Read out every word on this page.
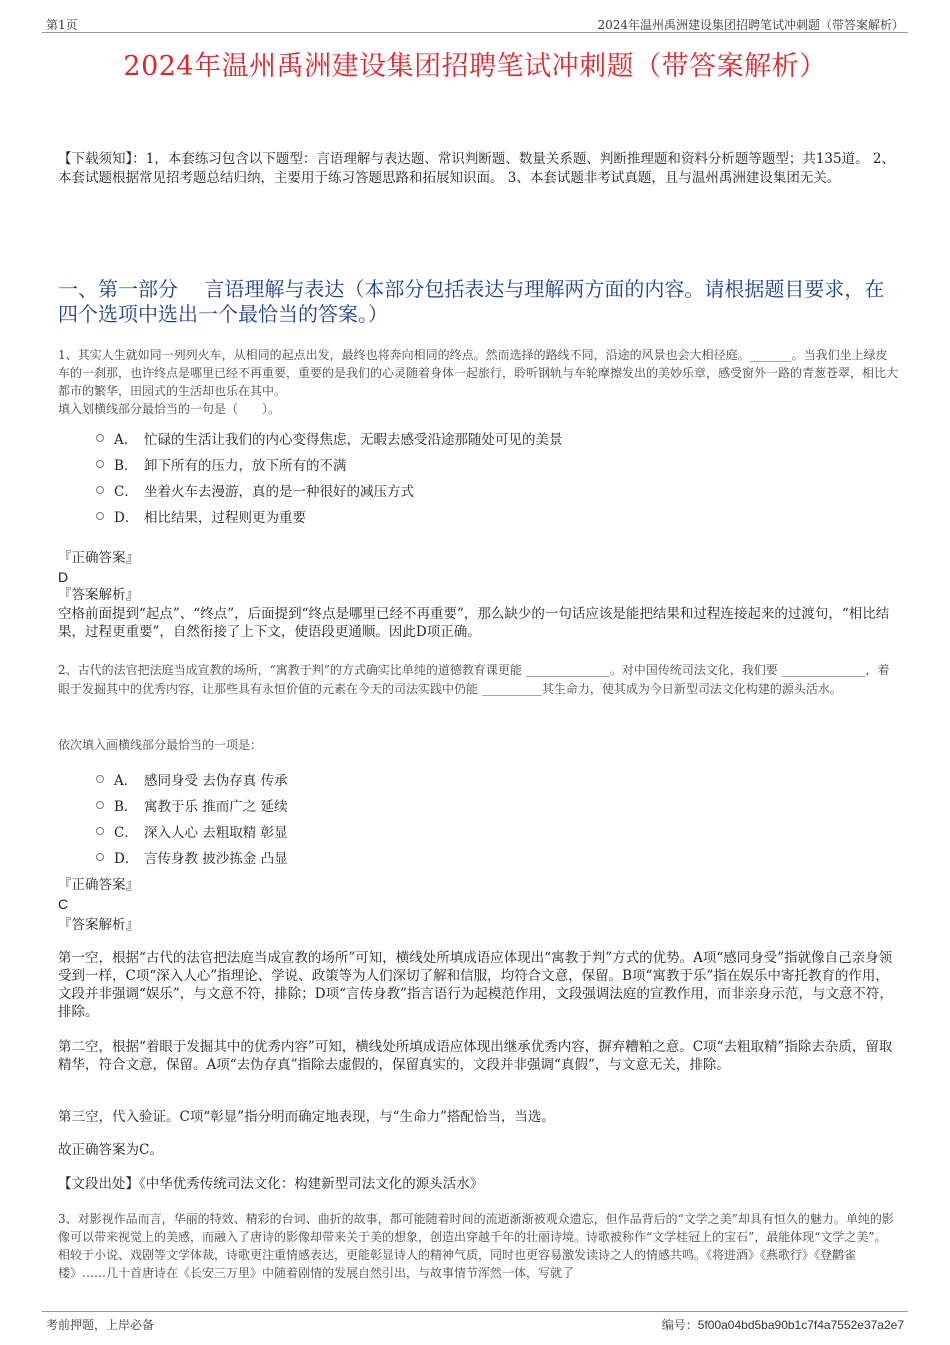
第1页	2024年温州禹洲建设集团招聘笔试冲刺题（带答案解析）
2024年温州禹洲建设集团招聘笔试冲刺题（带答案解析）
【下载须知】：1，本套练习包含以下题型：言语理解与表达题、常识判断题、数量关系题、判断推理题和资料分析题等题型；共135道。 2、本套试题根据常见招考题总结归纳，主要用于练习答题思路和拓展知识面。 3、本套试题非考试真题，且与温州禹洲建设集团无关。
一、第一部分　 言语理解与表达（本部分包括表达与理解两方面的内容。请根据题目要求，在四个选项中选出一个最恰当的答案。）

1、其实人生就如同一列列火车，从相同的起点出发，最终也将奔向相同的终点。然而选择的路线不同，沿途的风景也会大相径庭。_______。当我们坐上绿皮车的一刹那，也许终点是哪里已经不再重要，重要的是我们的心灵随着身体一起旅行，聆听钢轨与车轮摩擦发出的美妙乐章，感受窗外一路的青葱苍翠，相比大都市的繁华，田园式的生活却也乐在其中。

填入划横线部分最恰当的一句是（　　）。

A． 忙碌的生活让我们的内心变得焦虑，无暇去感受沿途那随处可见的美景
B． 卸下所有的压力，放下所有的不满
C． 坐着火车去漫游，真的是一种很好的减压方式
D． 相比结果，过程则更为重要
『正确答案』
D
『答案解析』
空格前面提到“起点”、“终点”，后面提到“终点是哪里已经不再重要”，那么缺少的一句话应该是能把结果和过程连接起来的过渡句，“相比结果，过程更重要”，自然衔接了上下文，使语段更通顺。因此D项正确。

2、古代的法官把法庭当成宣教的场所，“寓教于判”的方式确实比单纯的道德教育课更能 ______________。对中国传统司法文化，我们要 ______________，着眼于发掘其中的优秀内容，让那些具有永恒价值的元素在今天的司法实践中仍能 __________其生命力，使其成为今日新型司法文化构建的源头活水。

依次填入画横线部分最恰当的一项是：
A． 感同身受 去伪存真 传承
B． 寓教于乐 推而广之 延续
C． 深入人心 去粗取精 彰显
D． 言传身教 披沙拣金 凸显
『正确答案』
C
『答案解析』
第一空，根据“古代的法官把法庭当成宣教的场所”可知，横线处所填成语应体现出“寓教于判”方式的优势。A项“感同身受”指就像自己亲身领受到一样，C项“深入人心”指理论、学说、政策等为人们深切了解和信服，均符合文意，保留。B项“寓教于乐”指在娱乐中寄托教育的作用，文段并非强调“娱乐”，与文意不符，排除；D项“言传身教”指言语行为起模范作用，文段强调法庭的宣教作用，而非亲身示范，与文意不符，排除。
第二空，根据“着眼于发掘其中的优秀内容”可知，横线处所填成语应体现出继承优秀内容，摒弃糟粕之意。C项“去粗取精”指除去杂质，留取精华，符合文意，保留。A项“去伪存真”指除去虚假的，保留真实的，文段并非强调“真假”，与文意无关，排除。
第三空，代入验证。C项“彰显”指分明而确定地表现，与“生命力”搭配恰当，当选。
故正确答案为C。
【文段出处】《中华优秀传统司法文化：构建新型司法文化的源头活水》

3、对影视作品而言，华丽的特效、精彩的台词、曲折的故事，都可能随着时间的流逝渐渐被观众遗忘，但作品背后的“文学之美”却具有恒久的魅力。单纯的影像可以带来视觉上的美感，而融入了唐诗的影像却带来关于美的想象，创造出穿越千年的壮丽诗境。诗歌被称作“文学桂冠上的宝石”，最能体现“文学之美”。相较于小说、戏剧等文学体裁，诗歌更注重情感表达，更能彰显诗人的精神气质，同时也更容易激发读诗之人的情感共鸣。《将进酒》《燕歌行》《登鹳雀楼》……几十首唐诗在《长安三万里》中随着剧情的发展自然引出，与故事情节浑然一体，写就了

考前押题，上岸必备	编号：5f00a04bd5ba90b1c7f4a7552e37a2e7
